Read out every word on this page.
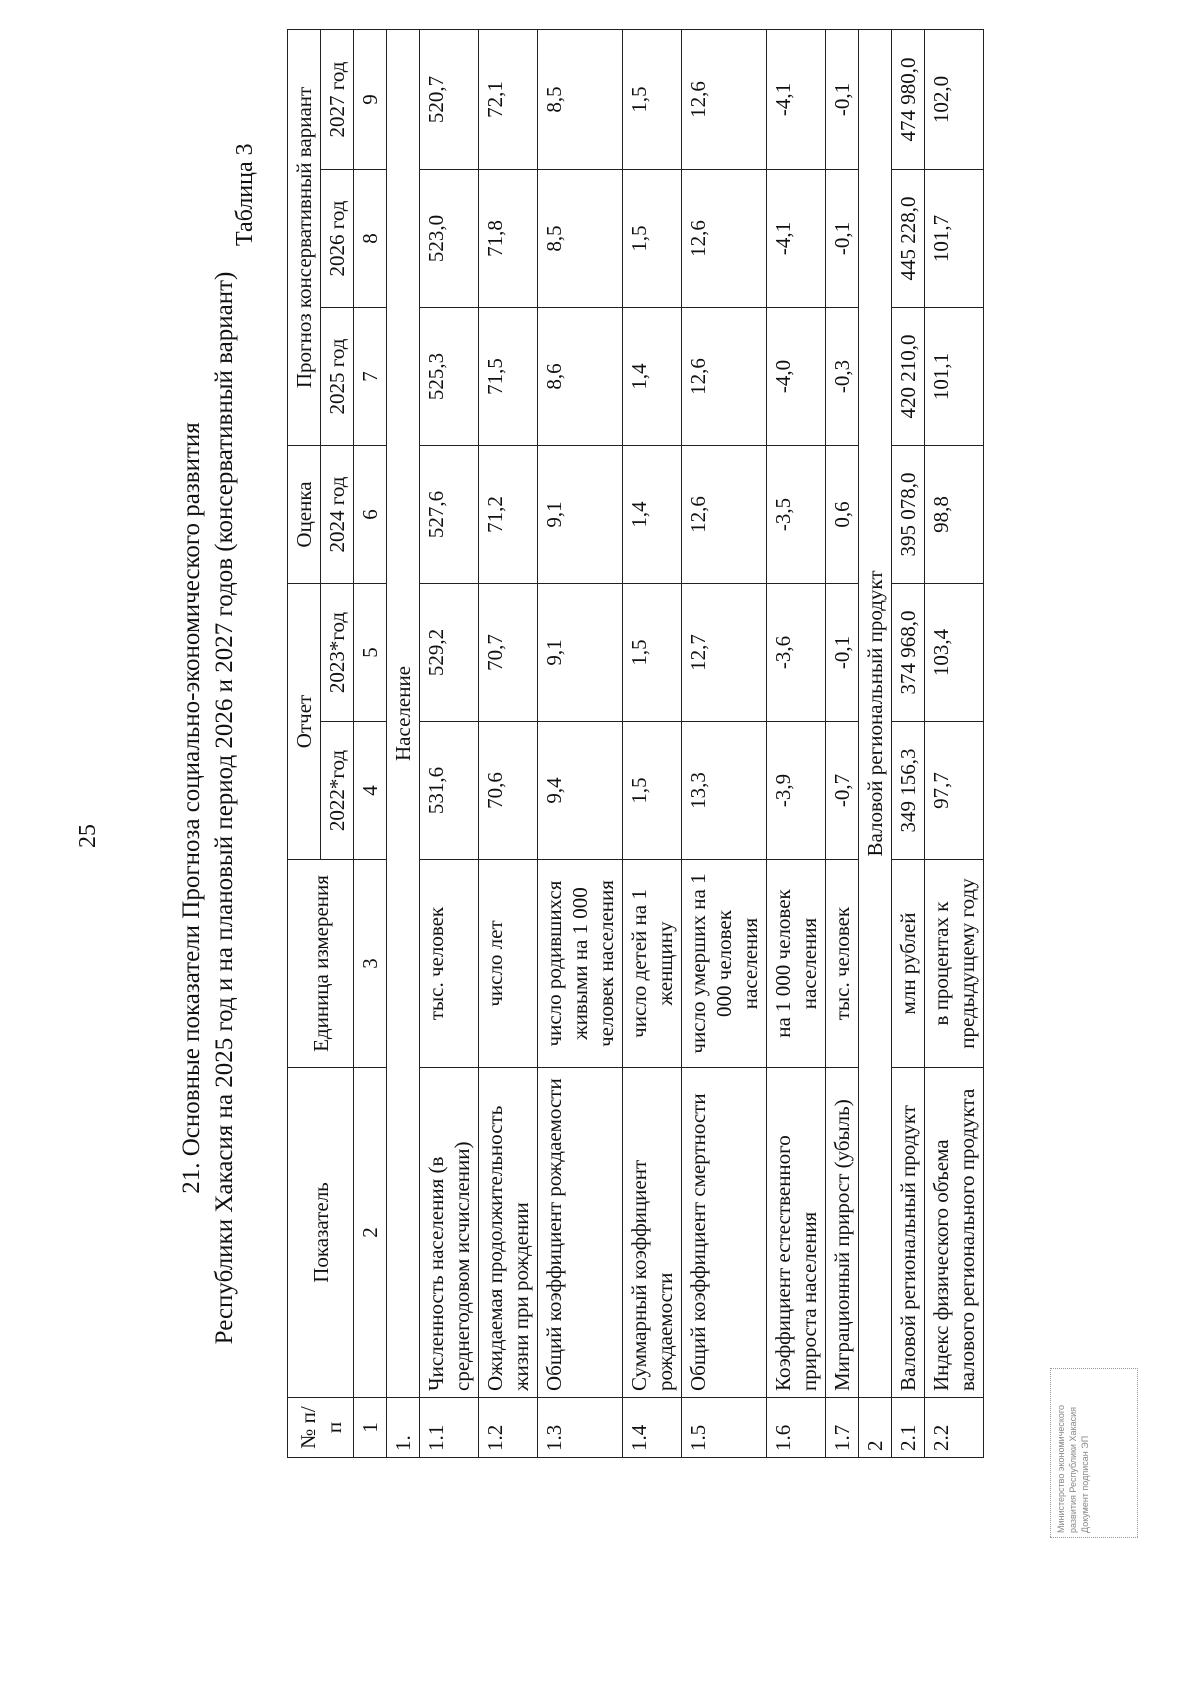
25	21. Основные показатели Прогноза социально-экономического развития Республики Хакасия на 2025 год и на плановый период 2026 и 2027 годов (консервативный вариант)
Таблица 3
№ п/п	Показатель	Единица измерения	Отчет		Оценка	Прогноз консервативный вариант		
			2022*год	2023*год	2024 год	2025 год	2026 год	2027 год
1	2	3	4	5	6	7	8	9
1.	Население							
1.1	Численность населения (в среднегодовом исчислении)	тыс. человек	531,6	529,2	527,6	525,3	523,0	520,7
1.2	Ожидаемая продолжительность жизни при рождении	число лет	70,6	70,7	71,2	71,5	71,8	72,1
1.3	Общий коэффициент рождаемости	число родившихся живыми на 1 000 человек населения	9,4	9,1	9,1	8,6	8,5	8,5
1.4	Суммарный коэффициент рождаемости	число детей на 1 женщину	1,5	1,5	1,4	1,4	1,5	1,5
1.5	Общий коэффициент смертности	число умерших на 1 000 человек населения	13,3	12,7	12,6	12,6	12,6	12,6
1.6	Коэффициент естественного прироста населения	на 1 000 человек населения	-3,9	-3,6	-3,5	-4,0	-4,1	-4,1
1.7	Миграционный прирост (убыль)	тыс. человек	-0,7	-0,1	0,6	-0,3	-0,1	-0,1
2	Валовой региональный продукт							
2.1	Валовой региональный продукт	млн рублей	349 156,3	374 968,0	395 078,0	420 210,0	445 228,0	474 980,0
2.2	Индекс физического объема валового регионального продукта	в процентах к предыдущему году	97,7	103,4	98,8	101,1	101,7	102,0
Министерство экономического развития Республики Хакасия Документ подписан ЭП
